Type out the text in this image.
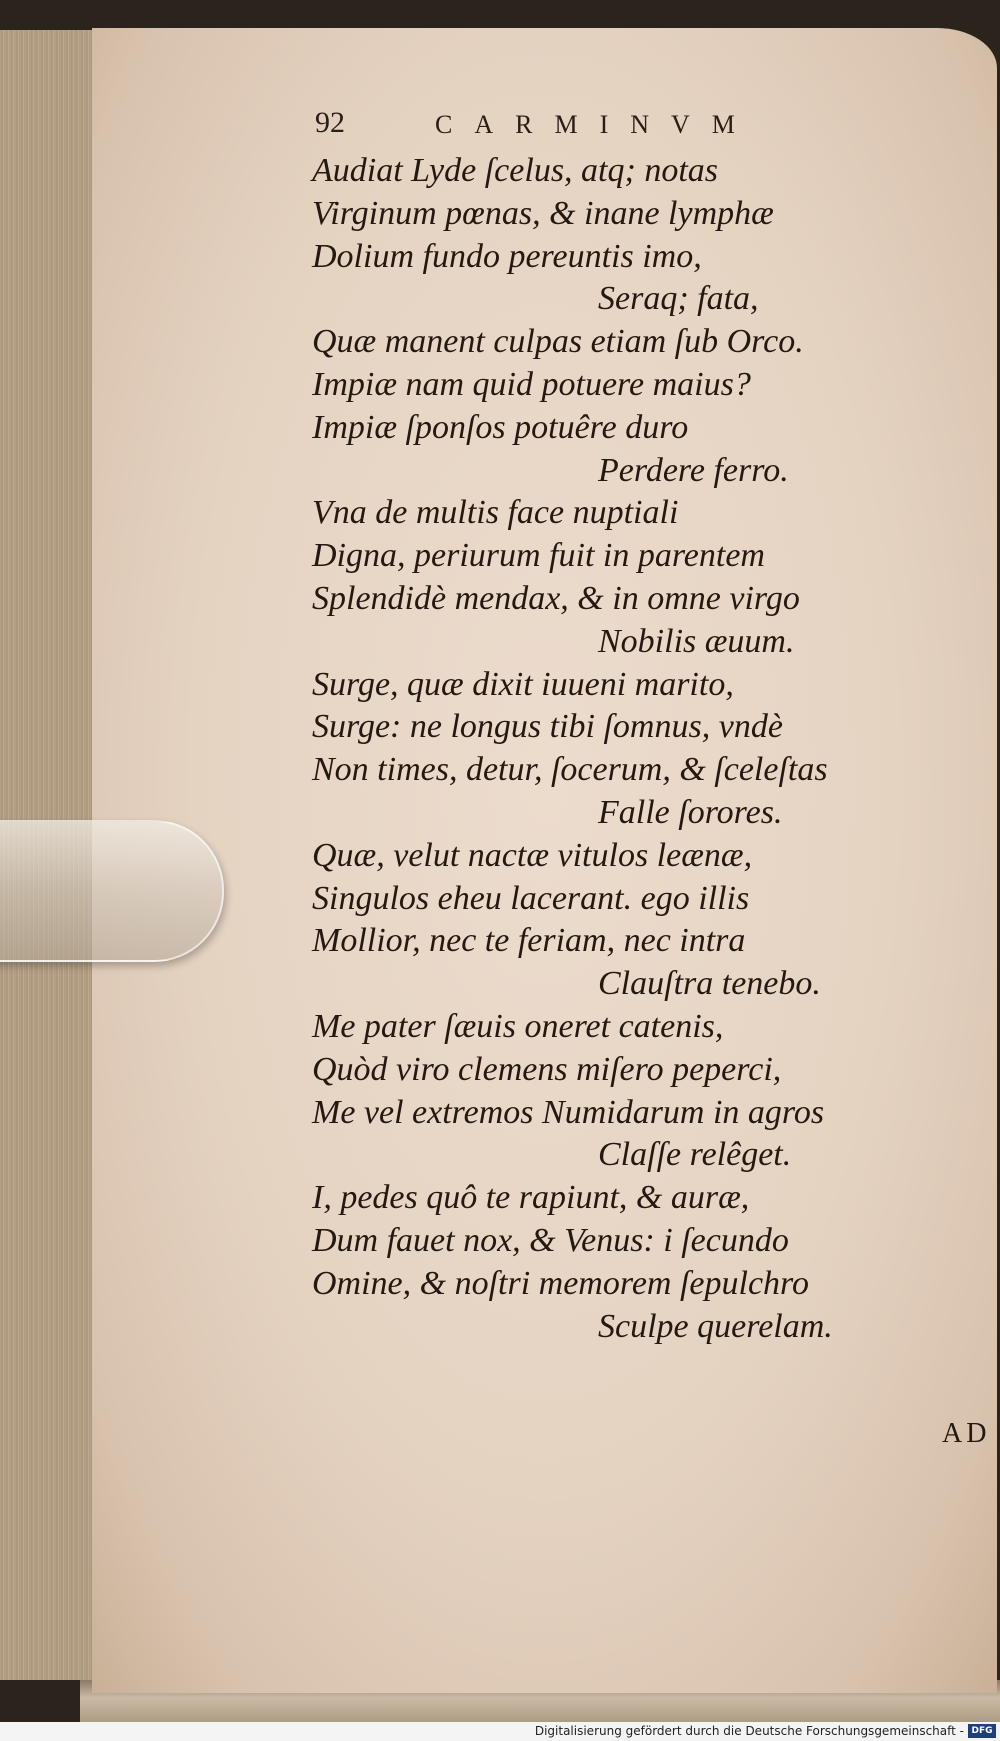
92	CARMINVM
Audiat Lyde ſcelus, atq; notas
Virginum pœnas, & inane lymphæ
Dolium fundo pereuntis imo,
Seraq; fata,
Quæ manent culpas etiam ſub Orco.
Impiæ nam quid potuere maius?
Impiæ ſponſos potuêre duro
Perdere ferro.
Vna de multis face nuptiali
Digna, periurum fuit in parentem
Splendidè mendax, & in omne virgo
Nobilis æuum.
Surge, quæ dixit iuueni marito,
Surge: ne longus tibi ſomnus, vndè
Non times, detur, ſocerum, & ſceleſtas
Falle ſorores.
Quæ, velut nactæ vitulos leænæ,
Singulos eheu lacerant. ego illis
Mollior, nec te feriam, nec intra
Clauſtra tenebo.
Me pater ſæuis oneret catenis,
Quòd viro clemens miſero peperci,
Me vel extremos Numidarum in agros
Claſſe relêget.
I, pedes quô te rapiunt, & auræ,
Dum fauet nox, & Venus: i ſecundo
Omine, & noſtri memorem ſepulchro
Sculpe querelam.
AD
Digitalisierung gefördert durch die Deutsche Forschungsgemeinschaft - DFG
